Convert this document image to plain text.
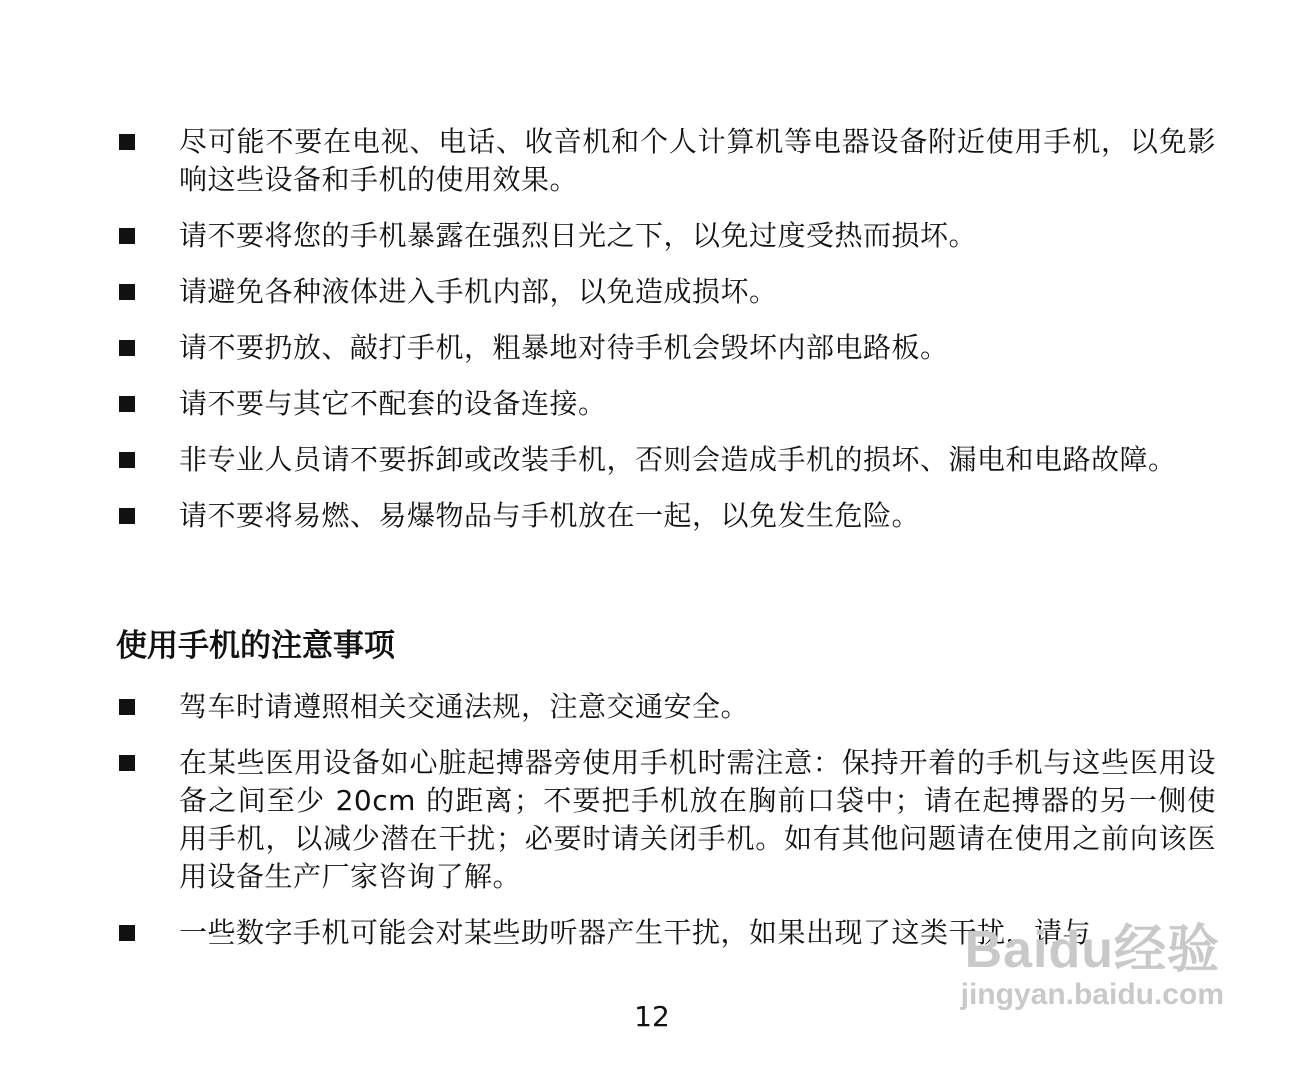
尽可能不要在电视、电话、收音机和个人计算机等电器设备附近使用手机，以免影响这些设备和手机的使用效果。
请不要将您的手机暴露在强烈日光之下，以免过度受热而损坏。
请避免各种液体进入手机内部，以免造成损坏。
请不要扔放、敲打手机，粗暴地对待手机会毁坏内部电路板。
请不要与其它不配套的设备连接。
非专业人员请不要拆卸或改装手机，否则会造成手机的损坏、漏电和电路故障。
请不要将易燃、易爆物品与手机放在一起，以免发生危险。
使用手机的注意事项
驾车时请遵照相关交通法规，注意交通安全。
在某些医用设备如心脏起搏器旁使用手机时需注意：保持开着的手机与这些医用设备之间至少 20cm 的距离；不要把手机放在胸前口袋中；请在起搏器的另一侧使用手机，以减少潜在干扰；必要时请关闭手机。如有其他问题请在使用之前向该医用设备生产厂家咨询了解。
一些数字手机可能会对某些助听器产生干扰，如果出现了这类干扰，请与
12
Baidu经验
jingyan.baidu.com
